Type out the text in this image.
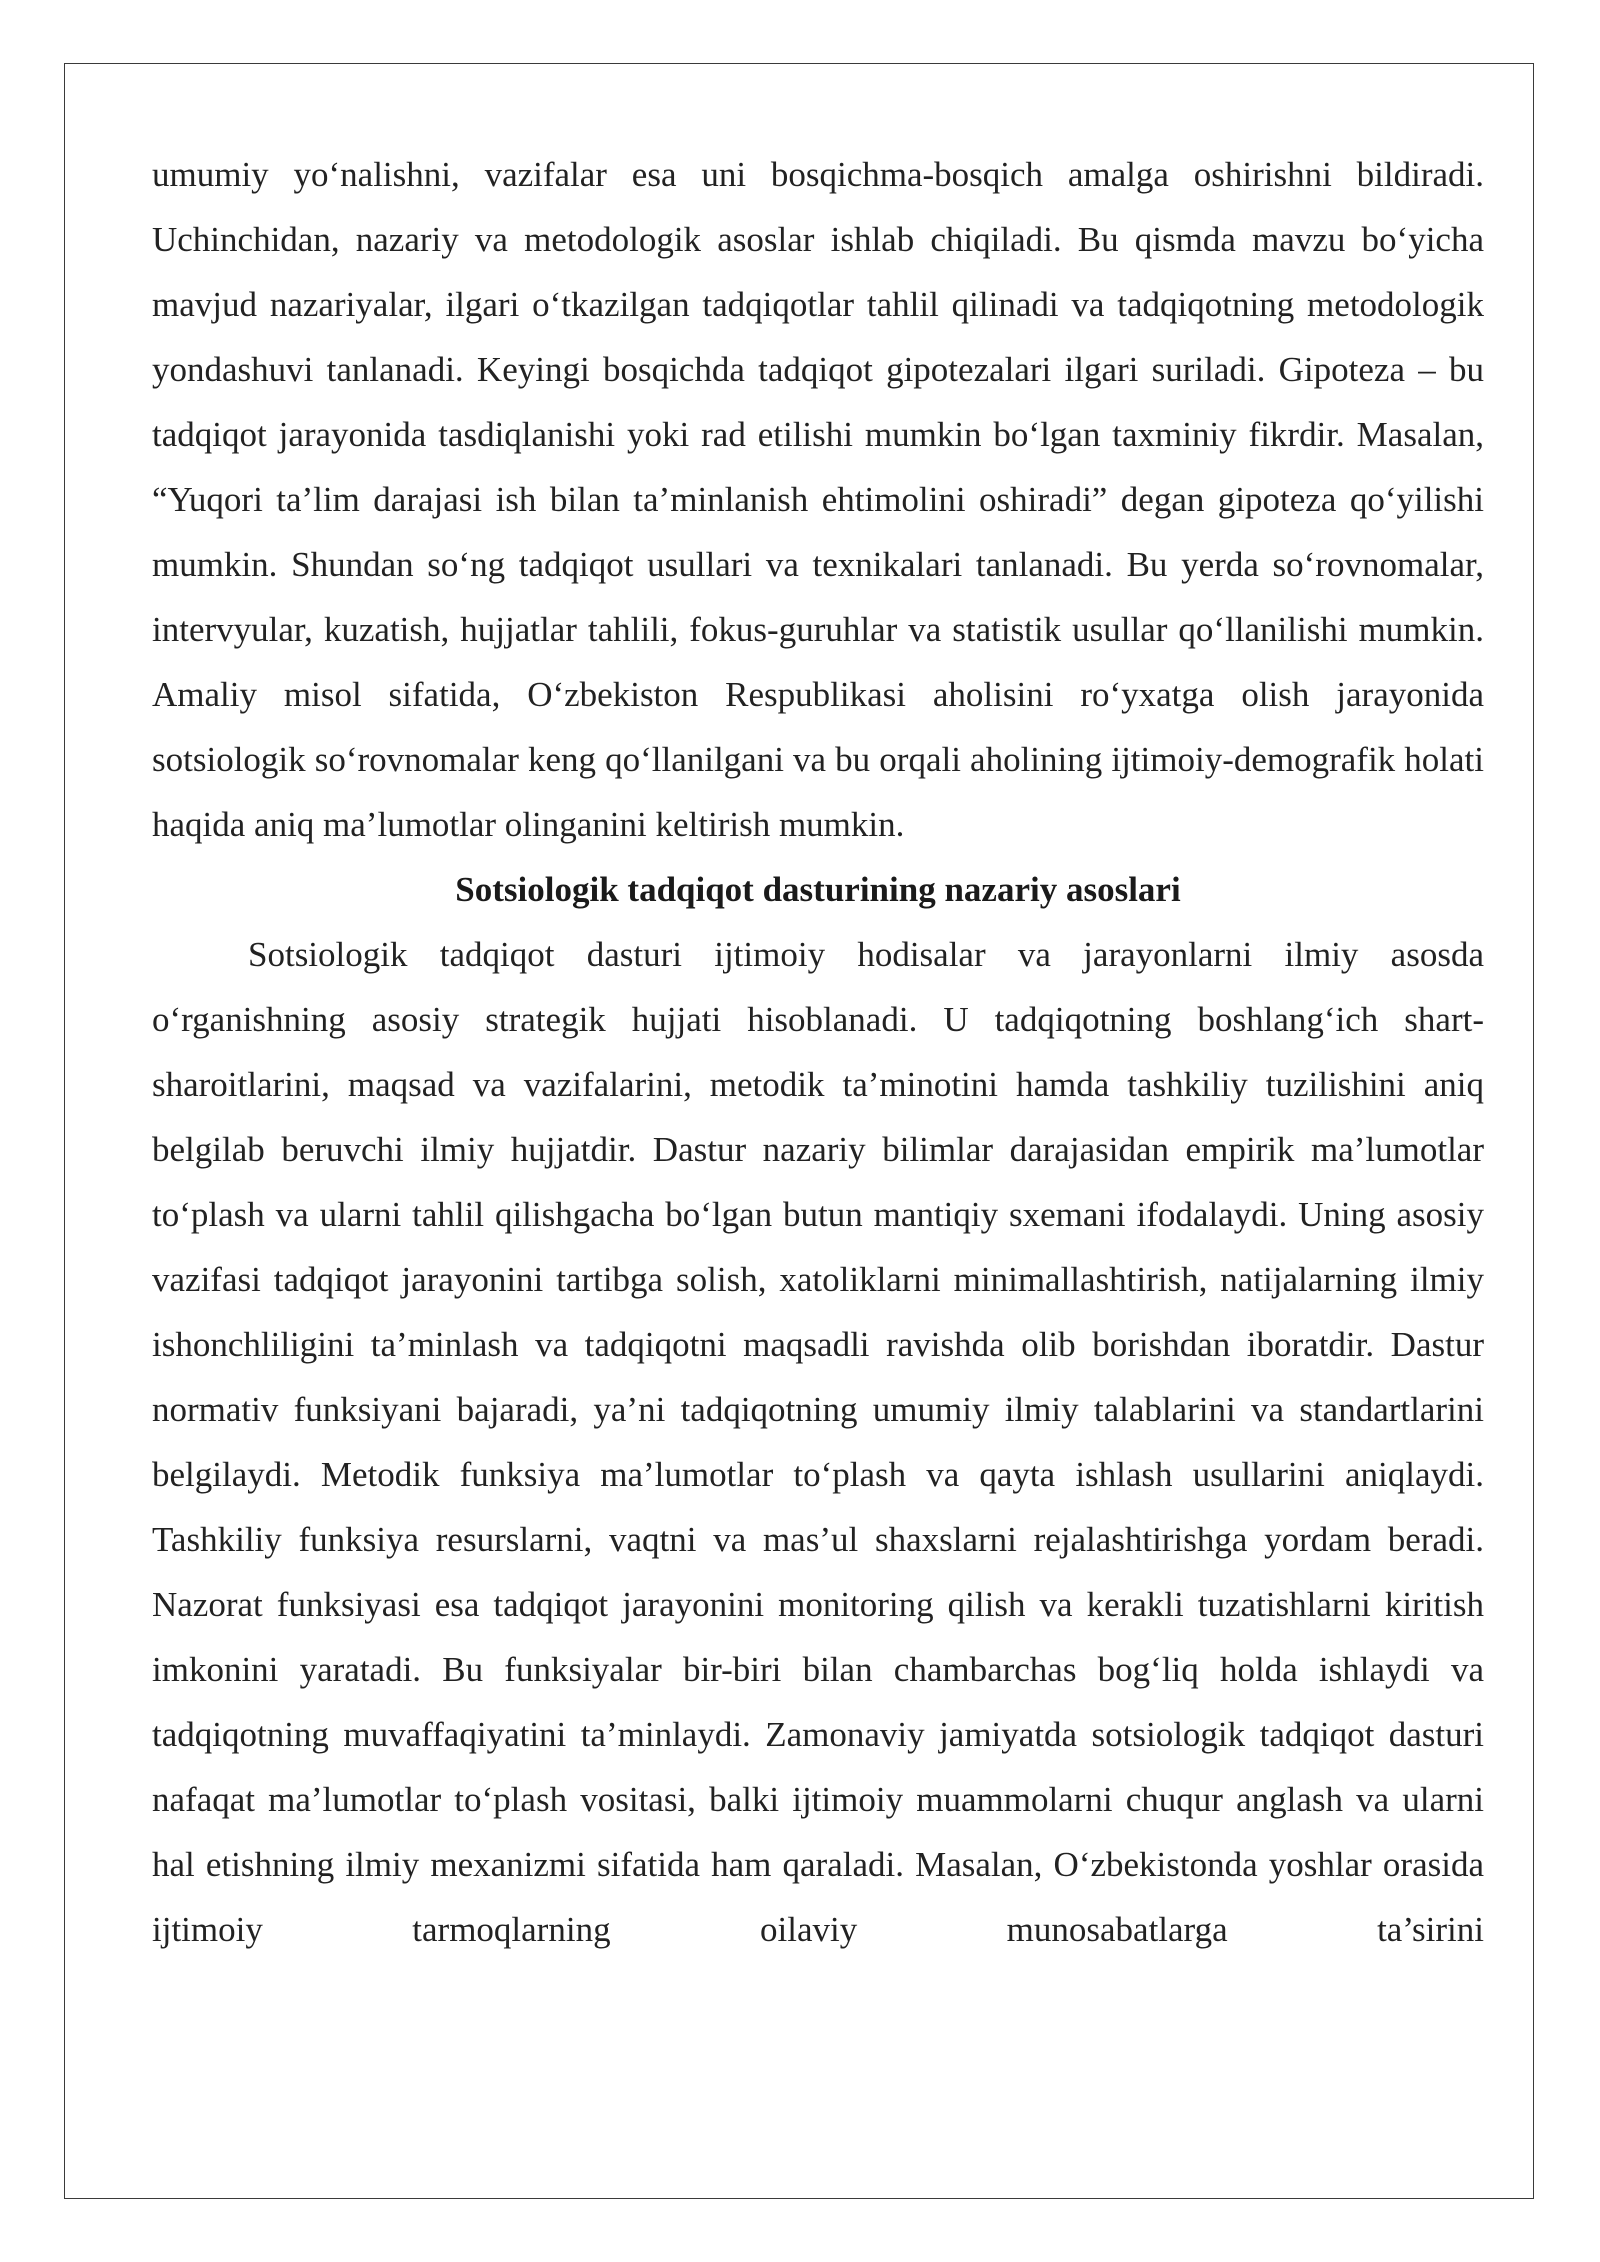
umumiy yo‘nalishni, vazifalar esa uni bosqichma-bosqich amalga oshirishni bildiradi. Uchinchidan, nazariy va metodologik asoslar ishlab chiqiladi. Bu qismda mavzu bo‘yicha mavjud nazariyalar, ilgari o‘tkazilgan tadqiqotlar tahlil qilinadi va tadqiqotning metodologik yondashuvi tanlanadi. Keyingi bosqichda tadqiqot gipotezalari ilgari suriladi. Gipoteza – bu tadqiqot jarayonida tasdiqlanishi yoki rad etilishi mumkin bo‘lgan taxminiy fikrdir. Masalan, “Yuqori ta’lim darajasi ish bilan ta’minlanish ehtimolini oshiradi” degan gipoteza qo‘yilishi mumkin. Shundan so‘ng tadqiqot usullari va texnikalari tanlanadi. Bu yerda so‘rovnomalar, intervyular, kuzatish, hujjatlar tahlili, fokus-guruhlar va statistik usullar qo‘llanilishi mumkin. Amaliy misol sifatida, O‘zbekiston Respublikasi aholisini ro‘yxatga olish jarayonida sotsiologik so‘rovnomalar keng qo‘llanilgani va bu orqali aholining ijtimoiy-demografik holati haqida aniq ma’lumotlar olinganini keltirish mumkin.

Sotsiologik tadqiqot dasturining nazariy asoslari

Sotsiologik tadqiqot dasturi ijtimoiy hodisalar va jarayonlarni ilmiy asosda o‘rganishning asosiy strategik hujjati hisoblanadi. U tadqiqotning boshlang‘ich shart-sharoitlarini, maqsad va vazifalarini, metodik ta’minotini hamda tashkiliy tuzilishini aniq belgilab beruvchi ilmiy hujjatdir. Dastur nazariy bilimlar darajasidan empirik ma’lumotlar to‘plash va ularni tahlil qilishgacha bo‘lgan butun mantiqiy sxemani ifodalaydi. Uning asosiy vazifasi tadqiqot jarayonini tartibga solish, xatoliklarni minimallashtirish, natijalarning ilmiy ishonchliligini ta’minlash va tadqiqotni maqsadli ravishda olib borishdan iboratdir. Dastur normativ funksiyani bajaradi, ya’ni tadqiqotning umumiy ilmiy talablarini va standartlarini belgilaydi. Metodik funksiya ma’lumotlar to‘plash va qayta ishlash usullarini aniqlaydi. Tashkiliy funksiya resurslarni, vaqtni va mas’ul shaxslarni rejalashtirishga yordam beradi. Nazorat funksiyasi esa tadqiqot jarayonini monitoring qilish va kerakli tuzatishlarni kiritish imkonini yaratadi. Bu funksiyalar bir-biri bilan chambarchas bog‘liq holda ishlaydi va tadqiqotning muvaffaqiyatini ta’minlaydi. Zamonaviy jamiyatda sotsiologik tadqiqot dasturi nafaqat ma’lumotlar to‘plash vositasi, balki ijtimoiy muammolarni chuqur anglash va ularni hal etishning ilmiy mexanizmi sifatida ham qaraladi. Masalan, O‘zbekistonda yoshlar orasida ijtimoiy tarmoqlarning oilaviy munosabatlarga ta’sirini
